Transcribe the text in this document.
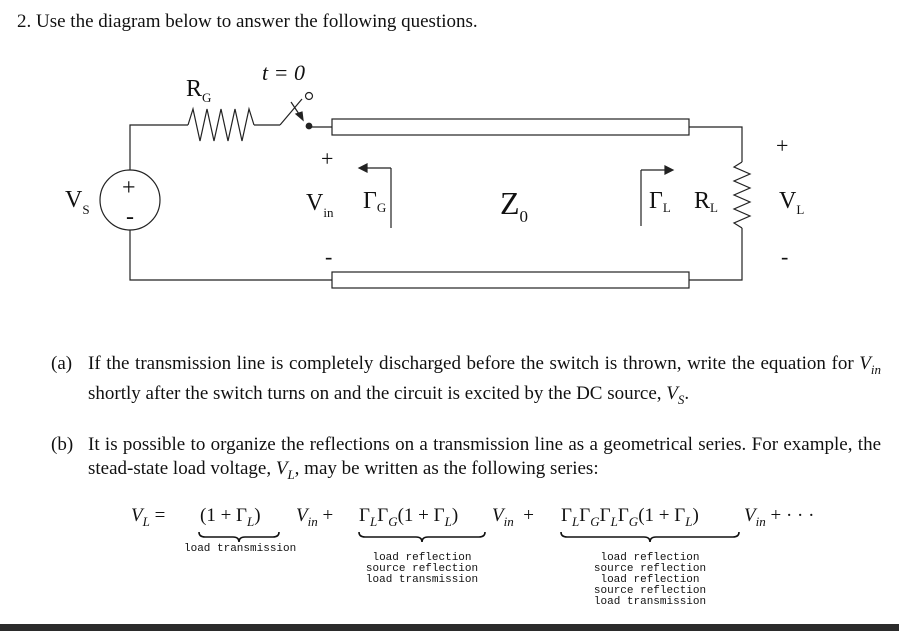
2. Use the diagram below to answer the following questions.
t = 0
$R_G$
$V_S$
+
-
+
$V_{in}$
-
ΓG	$Z_0$
ΓL RL
+
$V_L$
-
(a) If the transmission line is completely discharged before the switch is thrown, write the equation for $V_{in}$ shortly after the switch turns on and the circuit is excited by the DC source, $V_S$.
(b) It is possible to organize the reflections on a transmission line as a geometrical series. For example, the stead-state load voltage, $V_L$, may be written as the following series:
$V_L = (1 + \Gamma_L) V_{in} + \Gamma_L\Gamma_G(1 + \Gamma_L) V_{in} + \Gamma_L\Gamma_G\Gamma_L\Gamma_G(1 + \Gamma_L) V_{in}$ + · · ·
load transmission
load reflection
source reflection
load transmission
load reflection
source reflection
load reflection
source reflection
load transmission
